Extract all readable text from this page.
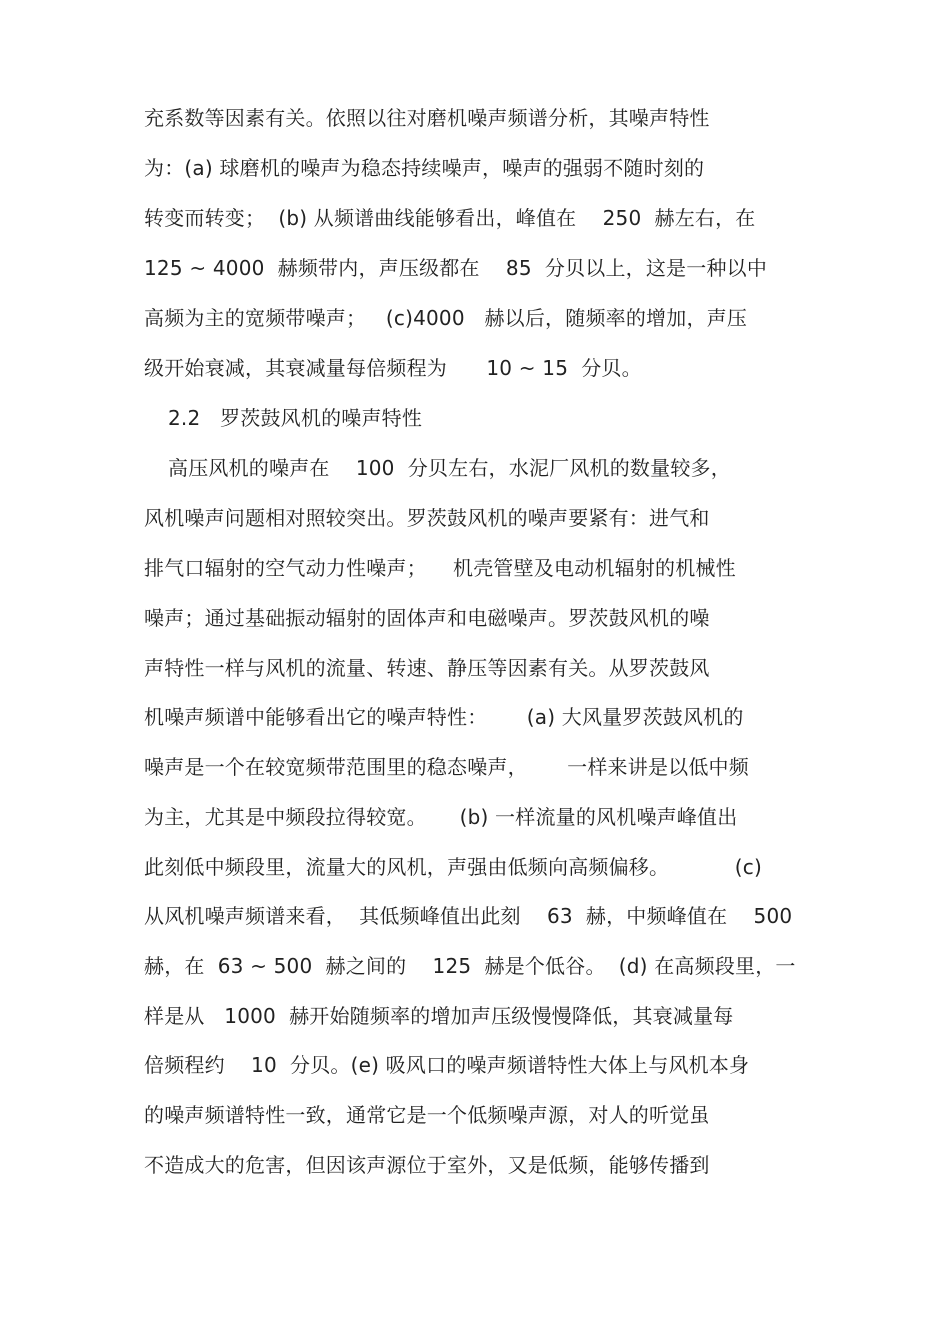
充系数等因素有关。依照以往对磨机噪声频谱分析，其噪声特性
为：(a) 球磨机的噪声为稳态持续噪声，噪声的强弱不随时刻的
转变而转变；  (b) 从频谱曲线能够看出，峰值在    250  赫左右，在
125 ~ 4000  赫频带内，声压级都在    85  分贝以上，这是一种以中
高频为主的宽频带噪声；   (c)4000   赫以后，随频率的增加，声压
级开始衰减，其衰减量每倍频程为      10 ~ 15  分贝。
2.2   罗茨鼓风机的噪声特性
高压风机的噪声在    100  分贝左右，水泥厂风机的数量较多，
风机噪声问题相对照较突出。罗茨鼓风机的噪声要紧有：进气和
排气口辐射的空气动力性噪声；    机壳管壁及电动机辐射的机械性
噪声；通过基础振动辐射的固体声和电磁噪声。罗茨鼓风机的噪
声特性一样与风机的流量、转速、静压等因素有关。从罗茨鼓风
机噪声频谱中能够看出它的噪声特性：      (a) 大风量罗茨鼓风机的
噪声是一个在较宽频带范围里的稳态噪声，      一样来讲是以低中频
为主，尤其是中频段拉得较宽。     (b) 一样流量的风机噪声峰值出
此刻低中频段里，流量大的风机，声强由低频向高频偏移。          (c)
从风机噪声频谱来看，  其低频峰值出此刻    63  赫，中频峰值在    500
赫，在  63 ~ 500  赫之间的    125  赫是个低谷。  (d) 在高频段里，一
样是从   1000  赫开始随频率的增加声压级慢慢降低，其衰减量每
倍频程约    10  分贝。(e) 吸风口的噪声频谱特性大体上与风机本身
的噪声频谱特性一致，通常它是一个低频噪声源，对人的听觉虽
不造成大的危害，但因该声源位于室外，又是低频，能够传播到
